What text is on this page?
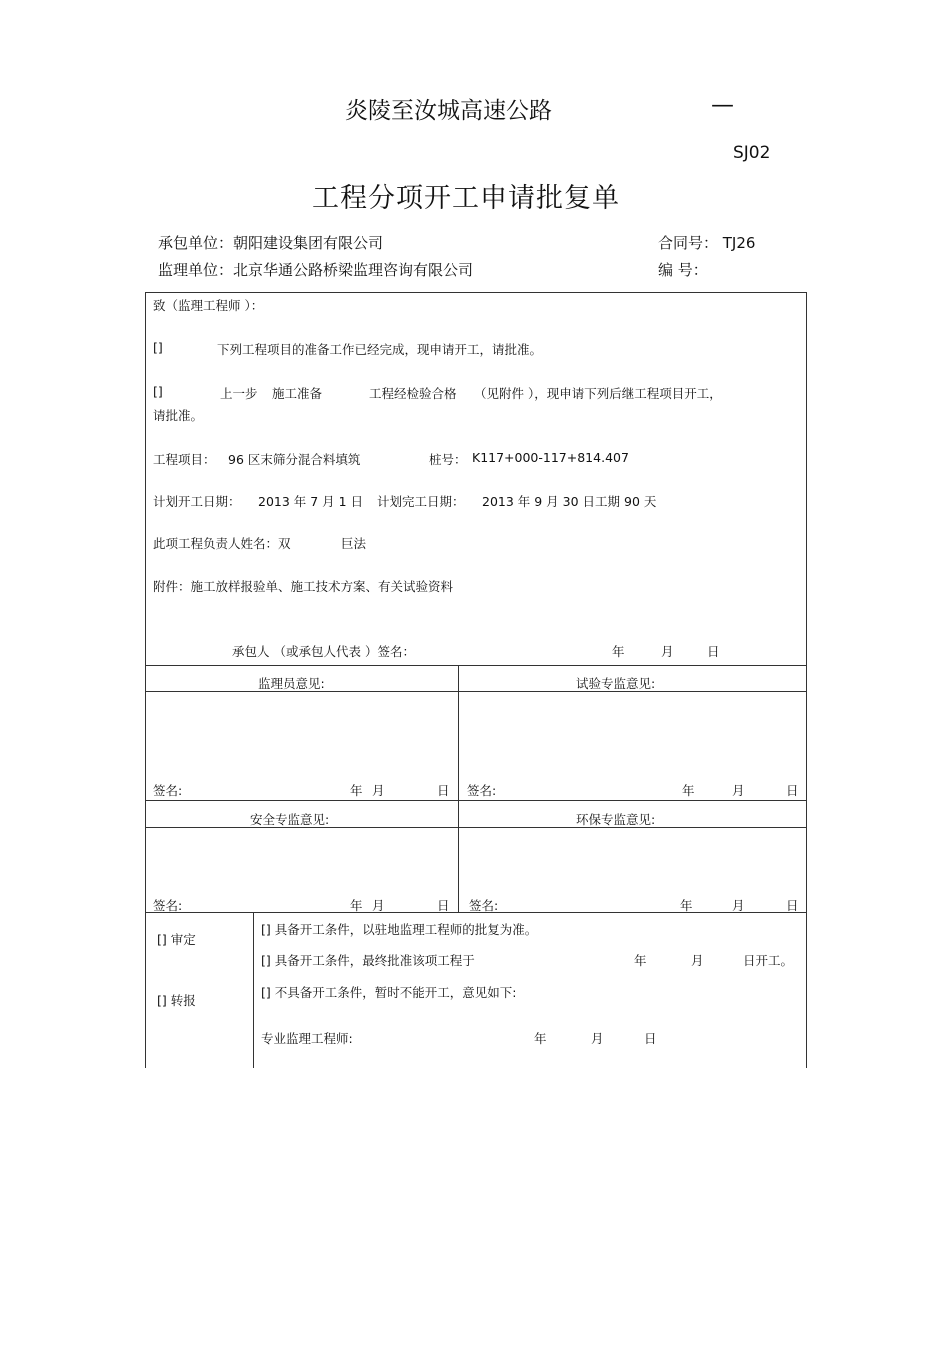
炎陵至汝城高速公路	—
SJ02
工程分项开工申请批复单
承包单位：朝阳建设集团有限公司	合同号： TJ26
监理单位：北京华通公路桥梁监理咨询有限公司	编 号：
致（监理工程师 ）：
[]	下列工程项目的准备工作已经完成，现申请开工，请批准。
[]	上一步 施工准备	工程经检验合格 （见附件 ），现申请下列后继工程项目开工，
请批准。
工程项目： 96 区末筛分混合料填筑	桩号： K117+000-117+814.407
计划开工日期： 2013 年 7 月 1 日 计划完工日期： 2013 年 9 月 30 日工期 90 天
此项工程负责人姓名：双	巨法
附件：施工放样报验单、施工技术方案、有关试验资料
承包人 （或承包人代表 ）签名：	年	月	日
监理员意见:	试验专监意见:
签名:	年 月	日 签名:	年	月	日
安全专监意见:	环保专监意见:
签名:	年 月	日 签名:	年	月	日
[] 审定
[] 转报
[] 具备开工条件，以驻地监理工程师的批复为准。
[] 具备开工条件，最终批准该项工程于	年	月	日开工。
[] 不具备开工条件，暂时不能开工，意见如下:
专业监理工程师:	年	月	日
